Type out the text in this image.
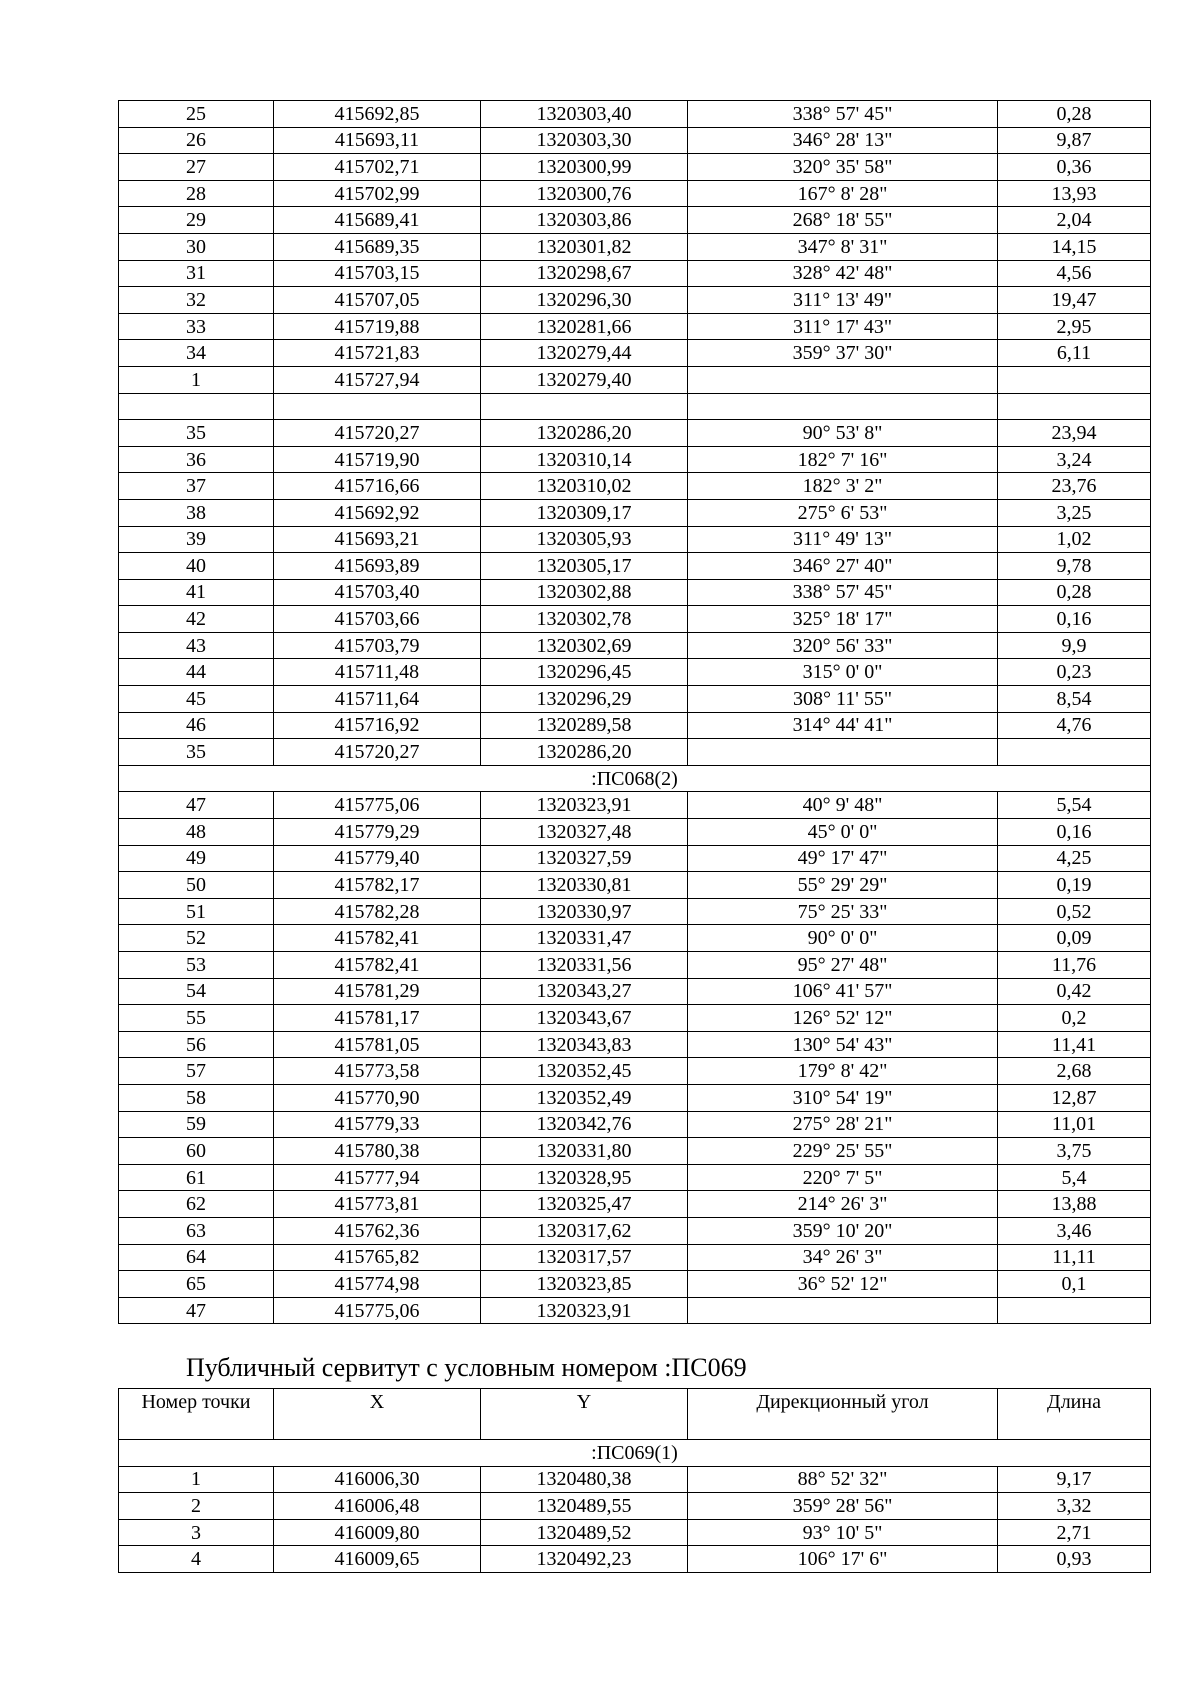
25	415692,85	1320303,40	338° 57' 45"	0,28
26	415693,11	1320303,30	346° 28' 13"	9,87
27	415702,71	1320300,99	320° 35' 58"	0,36
28	415702,99	1320300,76	167° 8' 28"	13,93
29	415689,41	1320303,86	268° 18' 55"	2,04
30	415689,35	1320301,82	347° 8' 31"	14,15
31	415703,15	1320298,67	328° 42' 48"	4,56
32	415707,05	1320296,30	311° 13' 49"	19,47
33	415719,88	1320281,66	311° 17' 43"	2,95
34	415721,83	1320279,44	359° 37' 30"	6,11
1	415727,94	1320279,40		

35	415720,27	1320286,20	90° 53' 8"	23,94
36	415719,90	1320310,14	182° 7' 16"	3,24
37	415716,66	1320310,02	182° 3' 2"	23,76
38	415692,92	1320309,17	275° 6' 53"	3,25
39	415693,21	1320305,93	311° 49' 13"	1,02
40	415693,89	1320305,17	346° 27' 40"	9,78
41	415703,40	1320302,88	338° 57' 45"	0,28
42	415703,66	1320302,78	325° 18' 17"	0,16
43	415703,79	1320302,69	320° 56' 33"	9,9
44	415711,48	1320296,45	315° 0' 0"	0,23
45	415711,64	1320296,29	308° 11' 55"	8,54
46	415716,92	1320289,58	314° 44' 41"	4,76
35	415720,27	1320286,20		
:ПС068(2)				
47	415775,06	1320323,91	40° 9' 48"	5,54
48	415779,29	1320327,48	45° 0' 0"	0,16
49	415779,40	1320327,59	49° 17' 47"	4,25
50	415782,17	1320330,81	55° 29' 29"	0,19
51	415782,28	1320330,97	75° 25' 33"	0,52
52	415782,41	1320331,47	90° 0' 0"	0,09
53	415782,41	1320331,56	95° 27' 48"	11,76
54	415781,29	1320343,27	106° 41' 57"	0,42
55	415781,17	1320343,67	126° 52' 12"	0,2
56	415781,05	1320343,83	130° 54' 43"	11,41
57	415773,58	1320352,45	179° 8' 42"	2,68
58	415770,90	1320352,49	310° 54' 19"	12,87
59	415779,33	1320342,76	275° 28' 21"	11,01
60	415780,38	1320331,80	229° 25' 55"	3,75
61	415777,94	1320328,95	220° 7' 5"	5,4
62	415773,81	1320325,47	214° 26' 3"	13,88
63	415762,36	1320317,62	359° 10' 20"	3,46
64	415765,82	1320317,57	34° 26' 3"	11,11
65	415774,98	1320323,85	36° 52' 12"	0,1
47	415775,06	1320323,91		
Публичный сервитут с условным номером :ПС069
Номер точки	X	Y	Дирекционный угол	Длина
:ПС069(1)				
1	416006,30	1320480,38	88° 52' 32"	9,17
2	416006,48	1320489,55	359° 28' 56"	3,32
3	416009,80	1320489,52	93° 10' 5"	2,71
4	416009,65	1320492,23	106° 17' 6"	0,93
